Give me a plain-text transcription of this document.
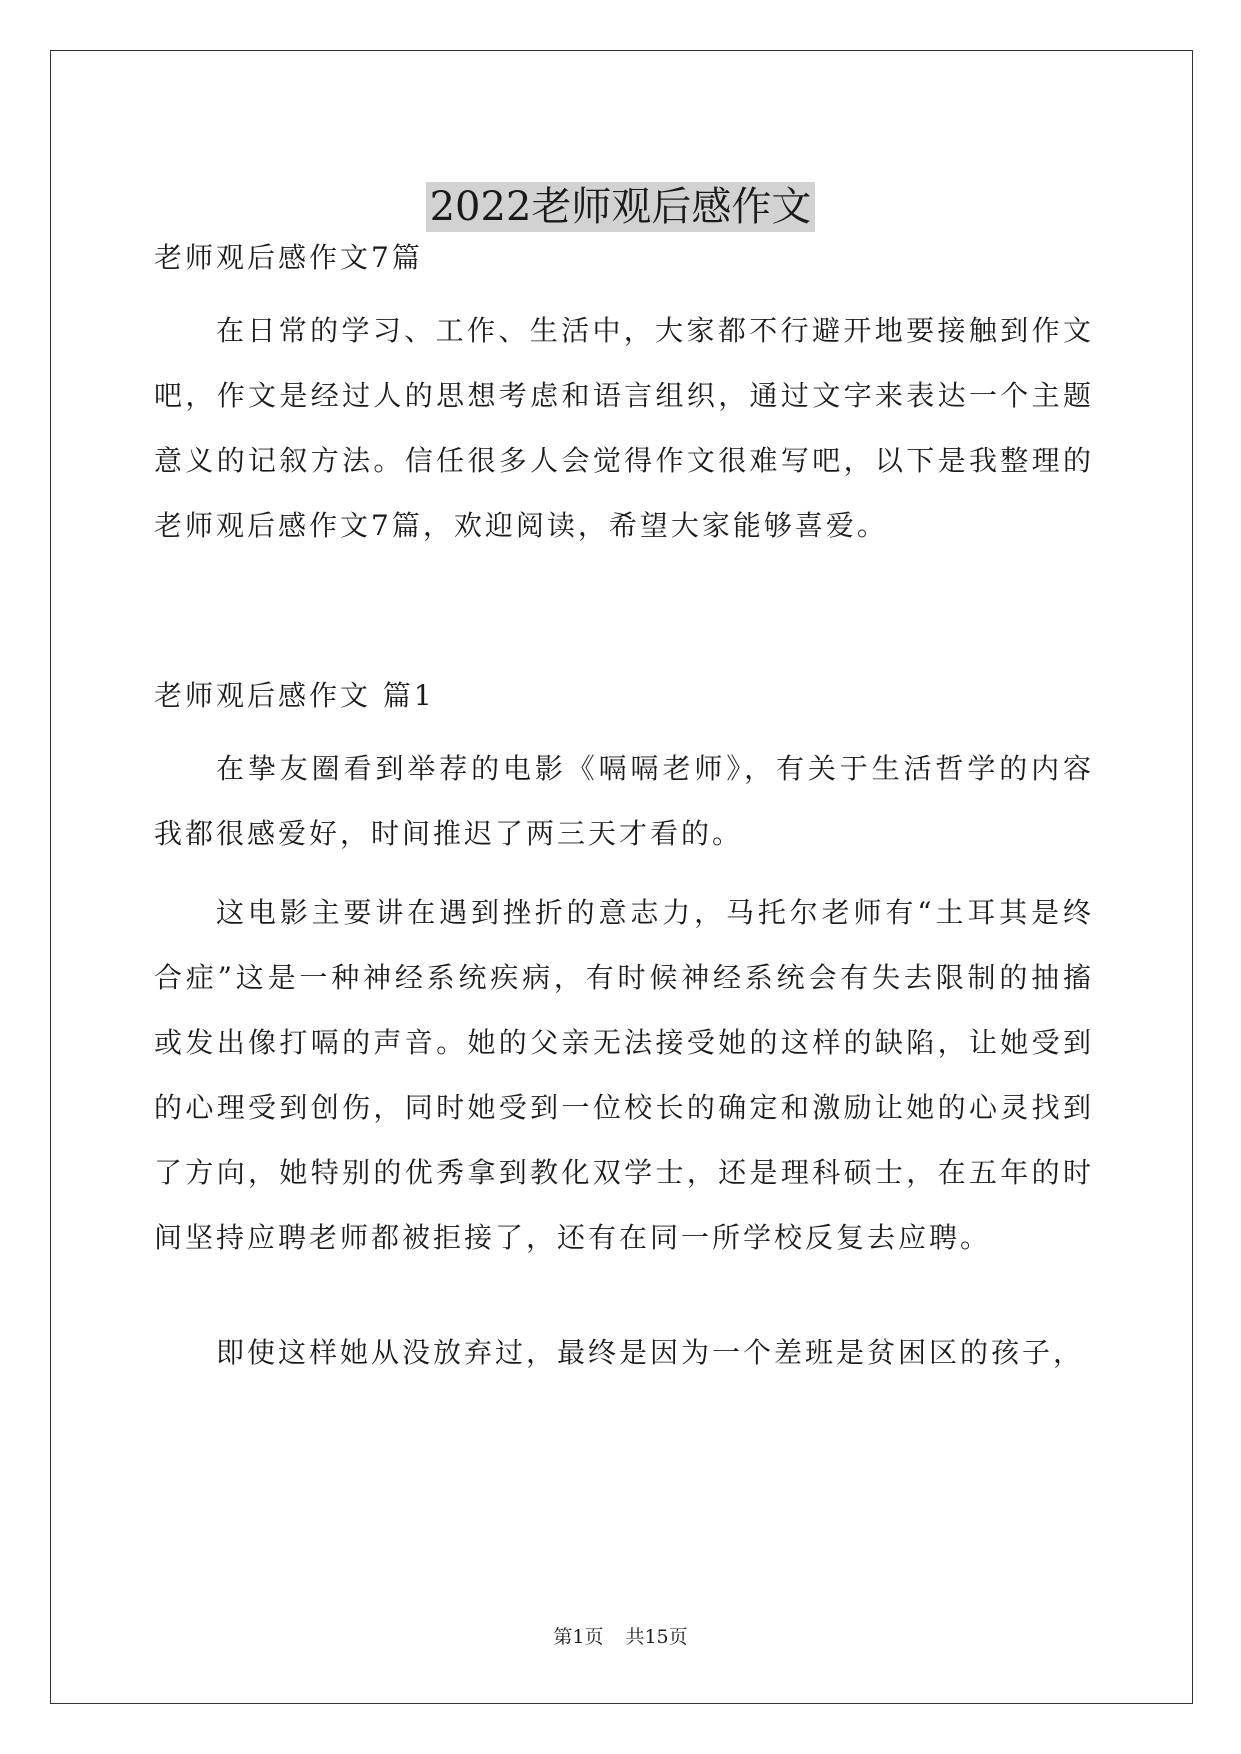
2022老师观后感作文

老师观后感作文7篇

在日常的学习、工作、生活中，大家都不行避开地要接触到作文吧，作文是经过人的思想考虑和语言组织，通过文字来表达一个主题意义的记叙方法。信任很多人会觉得作文很难写吧，以下是我整理的老师观后感作文7篇，欢迎阅读，希望大家能够喜爱。

老师观后感作文 篇1

在挚友圈看到举荐的电影《嗝嗝老师》，有关于生活哲学的内容我都很感爱好，时间推迟了两三天才看的。

这电影主要讲在遇到挫折的意志力，马托尔老师有“土耳其是终合症”这是一种神经系统疾病，有时候神经系统会有失去限制的抽搐或发出像打嗝的声音。她的父亲无法接受她的这样的缺陷，让她受到的心理受到创伤，同时她受到一位校长的确定和激励让她的心灵找到了方向，她特别的优秀拿到教化双学士，还是理科硕士，在五年的时间坚持应聘老师都被拒接了，还有在同一所学校反复去应聘。

即使这样她从没放弃过，最终是因为一个差班是贫困区的孩子，

第1页 共15页
